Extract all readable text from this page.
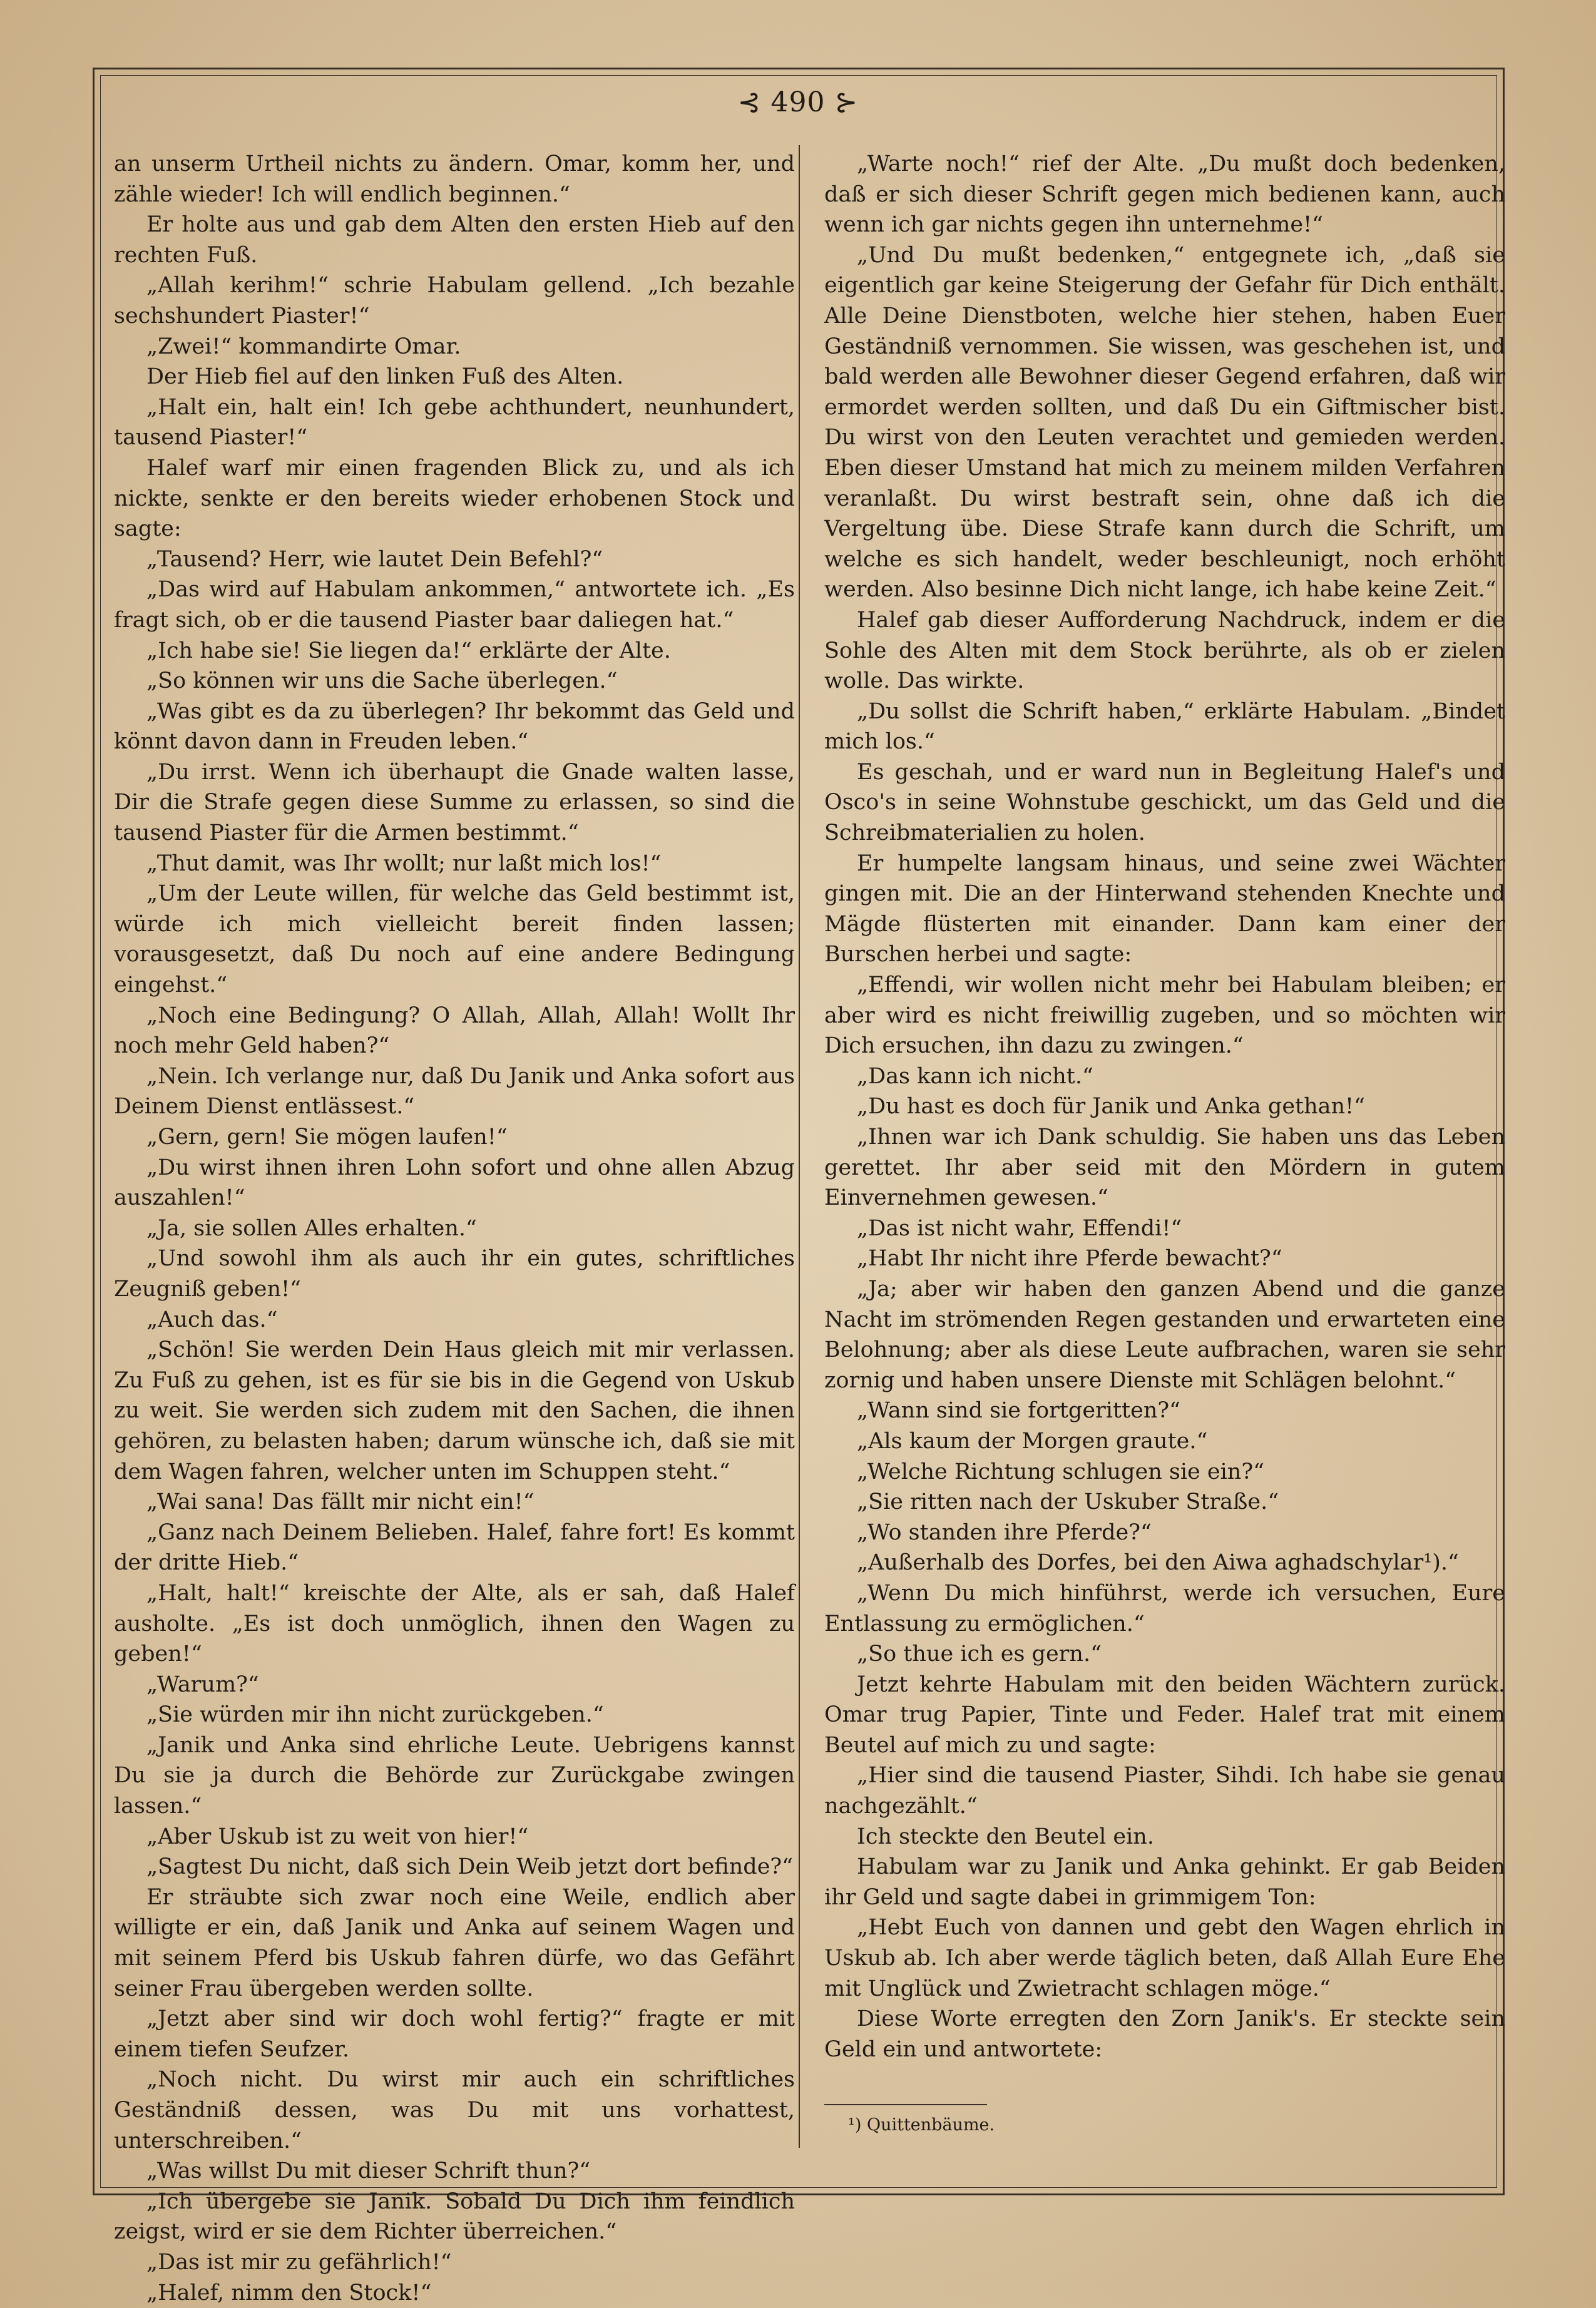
⊰ 490 ⊱

an unserm Urtheil nichts zu ändern. Omar, komm her, und zähle wieder! Ich will endlich beginnen.“

Er holte aus und gab dem Alten den ersten Hieb auf den rechten Fuß.

„Allah kerihm!“ schrie Habulam gellend. „Ich bezahle sechshundert Piaster!“

„Zwei!“ kommandirte Omar.

Der Hieb fiel auf den linken Fuß des Alten.

„Halt ein, halt ein! Ich gebe achthundert, neunhundert, tausend Piaster!“

Halef warf mir einen fragenden Blick zu, und als ich nickte, senkte er den bereits wieder erhobenen Stock und sagte:

„Tausend? Herr, wie lautet Dein Befehl?“

„Das wird auf Habulam ankommen,“ antwortete ich. „Es fragt sich, ob er die tausend Piaster baar daliegen hat.“

„Ich habe sie! Sie liegen da!“ erklärte der Alte.

„So können wir uns die Sache überlegen.“

„Was gibt es da zu überlegen? Ihr bekommt das Geld und könnt davon dann in Freuden leben.“

„Du irrst. Wenn ich überhaupt die Gnade walten lasse, Dir die Strafe gegen diese Summe zu erlassen, so sind die tausend Piaster für die Armen bestimmt.“

„Thut damit, was Ihr wollt; nur laßt mich los!“

„Um der Leute willen, für welche das Geld bestimmt ist, würde ich mich vielleicht bereit finden lassen; vorausgesetzt, daß Du noch auf eine andere Bedingung eingehst.“

„Noch eine Bedingung? O Allah, Allah, Allah! Wollt Ihr noch mehr Geld haben?“

„Nein. Ich verlange nur, daß Du Janik und Anka sofort aus Deinem Dienst entlässest.“

„Gern, gern! Sie mögen laufen!“

„Du wirst ihnen ihren Lohn sofort und ohne allen Abzug auszahlen!“

„Ja, sie sollen Alles erhalten.“

„Und sowohl ihm als auch ihr ein gutes, schriftliches Zeugniß geben!“

„Auch das.“

„Schön! Sie werden Dein Haus gleich mit mir verlassen. Zu Fuß zu gehen, ist es für sie bis in die Gegend von Uskub zu weit. Sie werden sich zudem mit den Sachen, die ihnen gehören, zu belasten haben; darum wünsche ich, daß sie mit dem Wagen fahren, welcher unten im Schuppen steht.“

„Wai sana! Das fällt mir nicht ein!“

„Ganz nach Deinem Belieben. Halef, fahre fort! Es kommt der dritte Hieb.“

„Halt, halt!“ kreischte der Alte, als er sah, daß Halef ausholte. „Es ist doch unmöglich, ihnen den Wagen zu geben!“

„Warum?“

„Sie würden mir ihn nicht zurückgeben.“

„Janik und Anka sind ehrliche Leute. Uebrigens kannst Du sie ja durch die Behörde zur Zurückgabe zwingen lassen.“

„Aber Uskub ist zu weit von hier!“

„Sagtest Du nicht, daß sich Dein Weib jetzt dort befinde?“

Er sträubte sich zwar noch eine Weile, endlich aber willigte er ein, daß Janik und Anka auf seinem Wagen und mit seinem Pferd bis Uskub fahren dürfe, wo das Gefährt seiner Frau übergeben werden sollte.

„Jetzt aber sind wir doch wohl fertig?“ fragte er mit einem tiefen Seufzer.

„Noch nicht. Du wirst mir auch ein schriftliches Geständniß dessen, was Du mit uns vorhattest, unterschreiben.“

„Was willst Du mit dieser Schrift thun?“

„Ich übergebe sie Janik. Sobald Du Dich ihm feindlich zeigst, wird er sie dem Richter überreichen.“

„Das ist mir zu gefährlich!“

„Halef, nimm den Stock!“

„Warte noch!“ rief der Alte. „Du mußt doch bedenken, daß er sich dieser Schrift gegen mich bedienen kann, auch wenn ich gar nichts gegen ihn unternehme!“

„Und Du mußt bedenken,“ entgegnete ich, „daß sie eigentlich gar keine Steigerung der Gefahr für Dich enthält. Alle Deine Dienstboten, welche hier stehen, haben Euer Geständniß vernommen. Sie wissen, was geschehen ist, und bald werden alle Bewohner dieser Gegend erfahren, daß wir ermordet werden sollten, und daß Du ein Giftmischer bist. Du wirst von den Leuten verachtet und gemieden werden. Eben dieser Umstand hat mich zu meinem milden Verfahren veranlaßt. Du wirst bestraft sein, ohne daß ich die Vergeltung übe. Diese Strafe kann durch die Schrift, um welche es sich handelt, weder beschleunigt, noch erhöht werden. Also besinne Dich nicht lange, ich habe keine Zeit.“

Halef gab dieser Aufforderung Nachdruck, indem er die Sohle des Alten mit dem Stock berührte, als ob er zielen wolle. Das wirkte.

„Du sollst die Schrift haben,“ erklärte Habulam. „Bindet mich los.“

Es geschah, und er ward nun in Begleitung Halef's und Osco's in seine Wohnstube geschickt, um das Geld und die Schreibmaterialien zu holen.

Er humpelte langsam hinaus, und seine zwei Wächter gingen mit. Die an der Hinterwand stehenden Knechte und Mägde flüsterten mit einander. Dann kam einer der Burschen herbei und sagte:

„Effendi, wir wollen nicht mehr bei Habulam bleiben; er aber wird es nicht freiwillig zugeben, und so möchten wir Dich ersuchen, ihn dazu zu zwingen.“

„Das kann ich nicht.“

„Du hast es doch für Janik und Anka gethan!“

„Ihnen war ich Dank schuldig. Sie haben uns das Leben gerettet. Ihr aber seid mit den Mördern in gutem Einvernehmen gewesen.“

„Das ist nicht wahr, Effendi!“

„Habt Ihr nicht ihre Pferde bewacht?“

„Ja; aber wir haben den ganzen Abend und die ganze Nacht im strömenden Regen gestanden und erwarteten eine Belohnung; aber als diese Leute aufbrachen, waren sie sehr zornig und haben unsere Dienste mit Schlägen belohnt.“

„Wann sind sie fortgeritten?“

„Als kaum der Morgen graute.“

„Welche Richtung schlugen sie ein?“

„Sie ritten nach der Uskuber Straße.“

„Wo standen ihre Pferde?“

„Außerhalb des Dorfes, bei den Aiwa aghadschylar¹).“

„Wenn Du mich hinführst, werde ich versuchen, Eure Entlassung zu ermöglichen.“

„So thue ich es gern.“

Jetzt kehrte Habulam mit den beiden Wächtern zurück. Omar trug Papier, Tinte und Feder. Halef trat mit einem Beutel auf mich zu und sagte:

„Hier sind die tausend Piaster, Sihdi. Ich habe sie genau nachgezählt.“

Ich steckte den Beutel ein.

Habulam war zu Janik und Anka gehinkt. Er gab Beiden ihr Geld und sagte dabei in grimmigem Ton:

„Hebt Euch von dannen und gebt den Wagen ehrlich in Uskub ab. Ich aber werde täglich beten, daß Allah Eure Ehe mit Unglück und Zwietracht schlagen möge.“

Diese Worte erregten den Zorn Janik's. Er steckte sein Geld ein und antwortete:

¹) Quittenbäume.
